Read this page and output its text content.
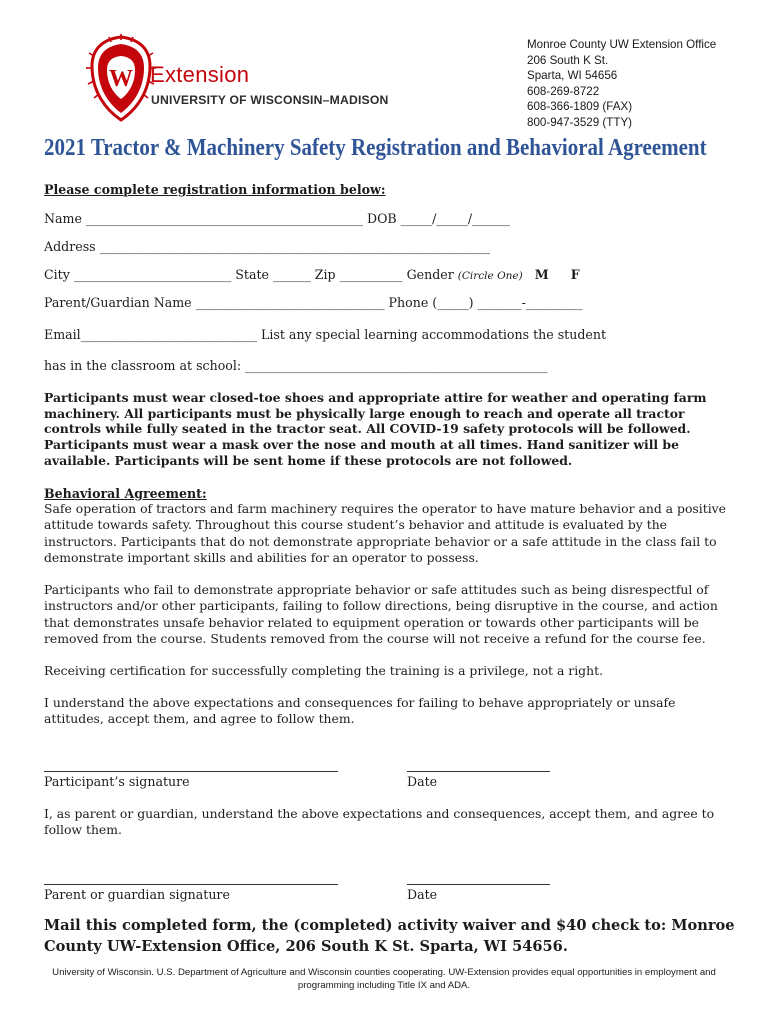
W Extension
UNIVERSITY OF WISCONSIN–MADISON
Monroe County UW Extension Office
206 South K St.
Sparta, WI 54656
608-269-8722
608-366-1809 (FAX)
800-947-3529 (TTY)
2021 Tractor & Machinery Safety Registration and Behavioral Agreement
Please complete registration information below:
Name ____________________________________________ DOB _____/_____/______
Address ______________________________________________________________
City _________________________ State ______ Zip __________ Gender (Circle One) M F
Parent/Guardian Name ______________________________ Phone (_____) _______-_________
Email____________________________ List any special learning accommodations the student
has in the classroom at school: ________________________________________________
Participants must wear closed-toe shoes and appropriate attire for weather and operating farm machinery. All participants must be physically large enough to reach and operate all tractor controls while fully seated in the tractor seat. All COVID-19 safety protocols will be followed. Participants must wear a mask over the nose and mouth at all times. Hand sanitizer will be available. Participants will be sent home if these protocols are not followed.
Behavioral Agreement:
Safe operation of tractors and farm machinery requires the operator to have mature behavior and a positive attitude towards safety. Throughout this course student’s behavior and attitude is evaluated by the instructors. Participants that do not demonstrate appropriate behavior or a safe attitude in the class fail to demonstrate important skills and abilities for an operator to possess.
Participants who fail to demonstrate appropriate behavior or safe attitudes such as being disrespectful of instructors and/or other participants, failing to follow directions, being disruptive in the course, and action that demonstrates unsafe behavior related to equipment operation or towards other participants will be removed from the course. Students removed from the course will not receive a refund for the course fee.
Receiving certification for successfully completing the training is a privilege, not a right.
I understand the above expectations and consequences for failing to behave appropriately or unsafe attitudes, accept them, and agree to follow them.
Participant’s signature	Date
I, as parent or guardian, understand the above expectations and consequences, accept them, and agree to follow them.
Parent or guardian signature	Date
Mail this completed form, the (completed) activity waiver and $40 check to: Monroe County UW-Extension Office, 206 South K St. Sparta, WI 54656.
University of Wisconsin. U.S. Department of Agriculture and Wisconsin counties cooperating. UW-Extension provides equal opportunities in employment and programming including Title IX and ADA.
